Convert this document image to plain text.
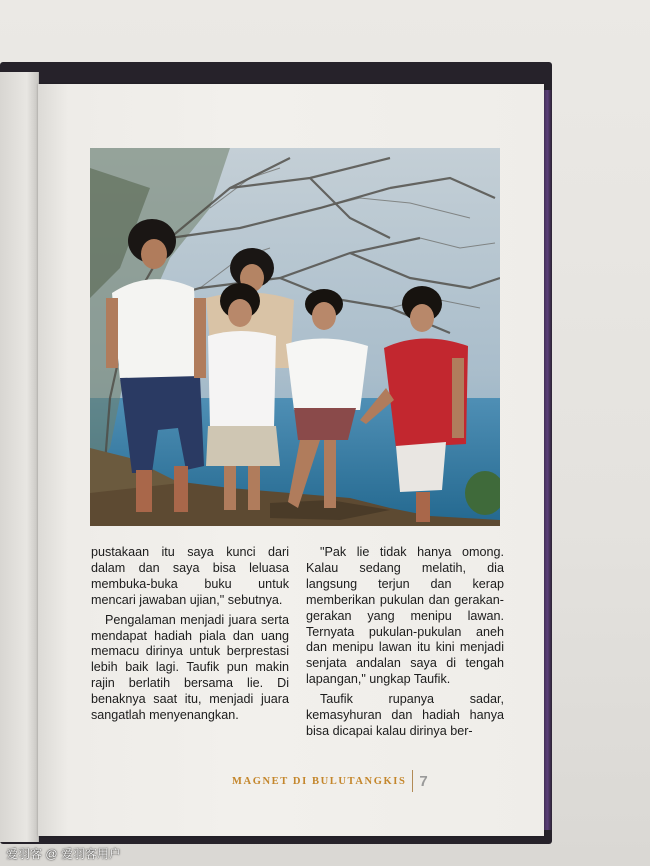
pustakaan itu saya kunci dari dalam dan saya bisa leluasa membuka-buka buku untuk mencari jawaban ujian," sebutnya.

Pengalaman menjadi juara serta mendapat hadiah piala dan uang memacu dirinya untuk berprestasi lebih baik lagi. Taufik pun makin rajin berlatih bersama lie. Di benaknya saat itu, menjadi juara sangatlah menyenangkan.

"Pak lie tidak hanya omong. Kalau sedang melatih, dia langsung terjun dan kerap memberikan pukulan dan gerakan-gerakan yang menipu lawan. Ternyata pukulan-pukulan aneh dan menipu lawan itu kini menjadi senjata andalan saya di tengah lapangan," ungkap Taufik.

Taufik rupanya sadar, kemasyhuran dan hadiah hanya bisa dicapai kalau dirinya ber-

MAGNET DI BULUTANGKIS 7
爱羽客 @ 爱羽客用户
